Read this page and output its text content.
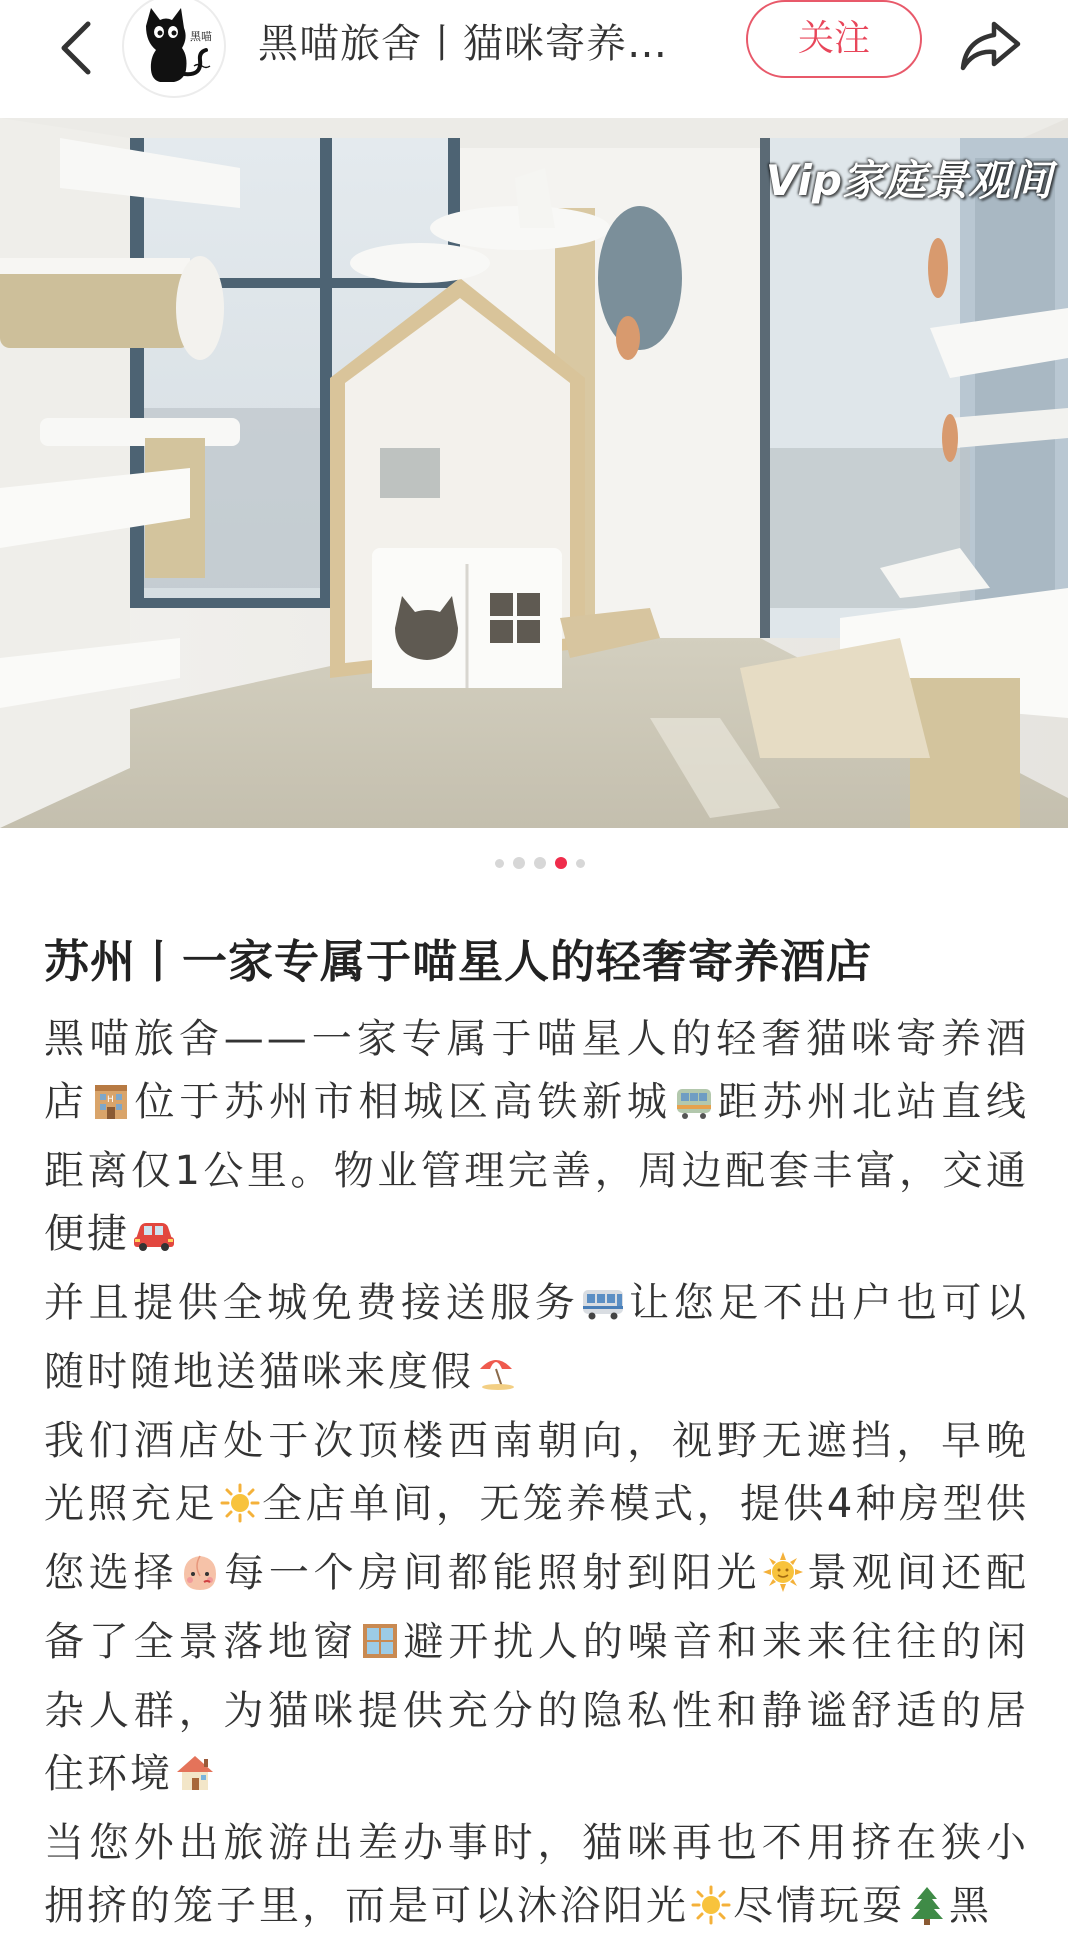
黑喵 黑喵旅舍丨猫咪寄养…	关注
Vip家庭景观间
苏州丨一家专属于喵星人的轻奢寄养酒店

黑喵旅舍——一家专属于喵星人的轻奢猫咪寄养酒店 H 位于苏州市相城区高铁新城 距苏州北站直线距离仅1公里。物业管理完善，周边配套丰富，交通便捷

并且提供全城免费接送服务 让您足不出户也可以随时随地送猫咪来度假

我们酒店处于次顶楼西南朝向，视野无遮挡，早晚光照充足 全店单间，无笼养模式，提供4种房型供您选择 每一个房间都能照射到阳光 景观间还配备了全景落地窗 避开扰人的噪音和来来往往的闲杂人群，为猫咪提供充分的隐私性和静谧舒适的居住环境

当您外出旅游出差办事时，猫咪再也不用挤在狭小拥挤的笼子里，而是可以沐浴阳光 尽情玩耍 黑
